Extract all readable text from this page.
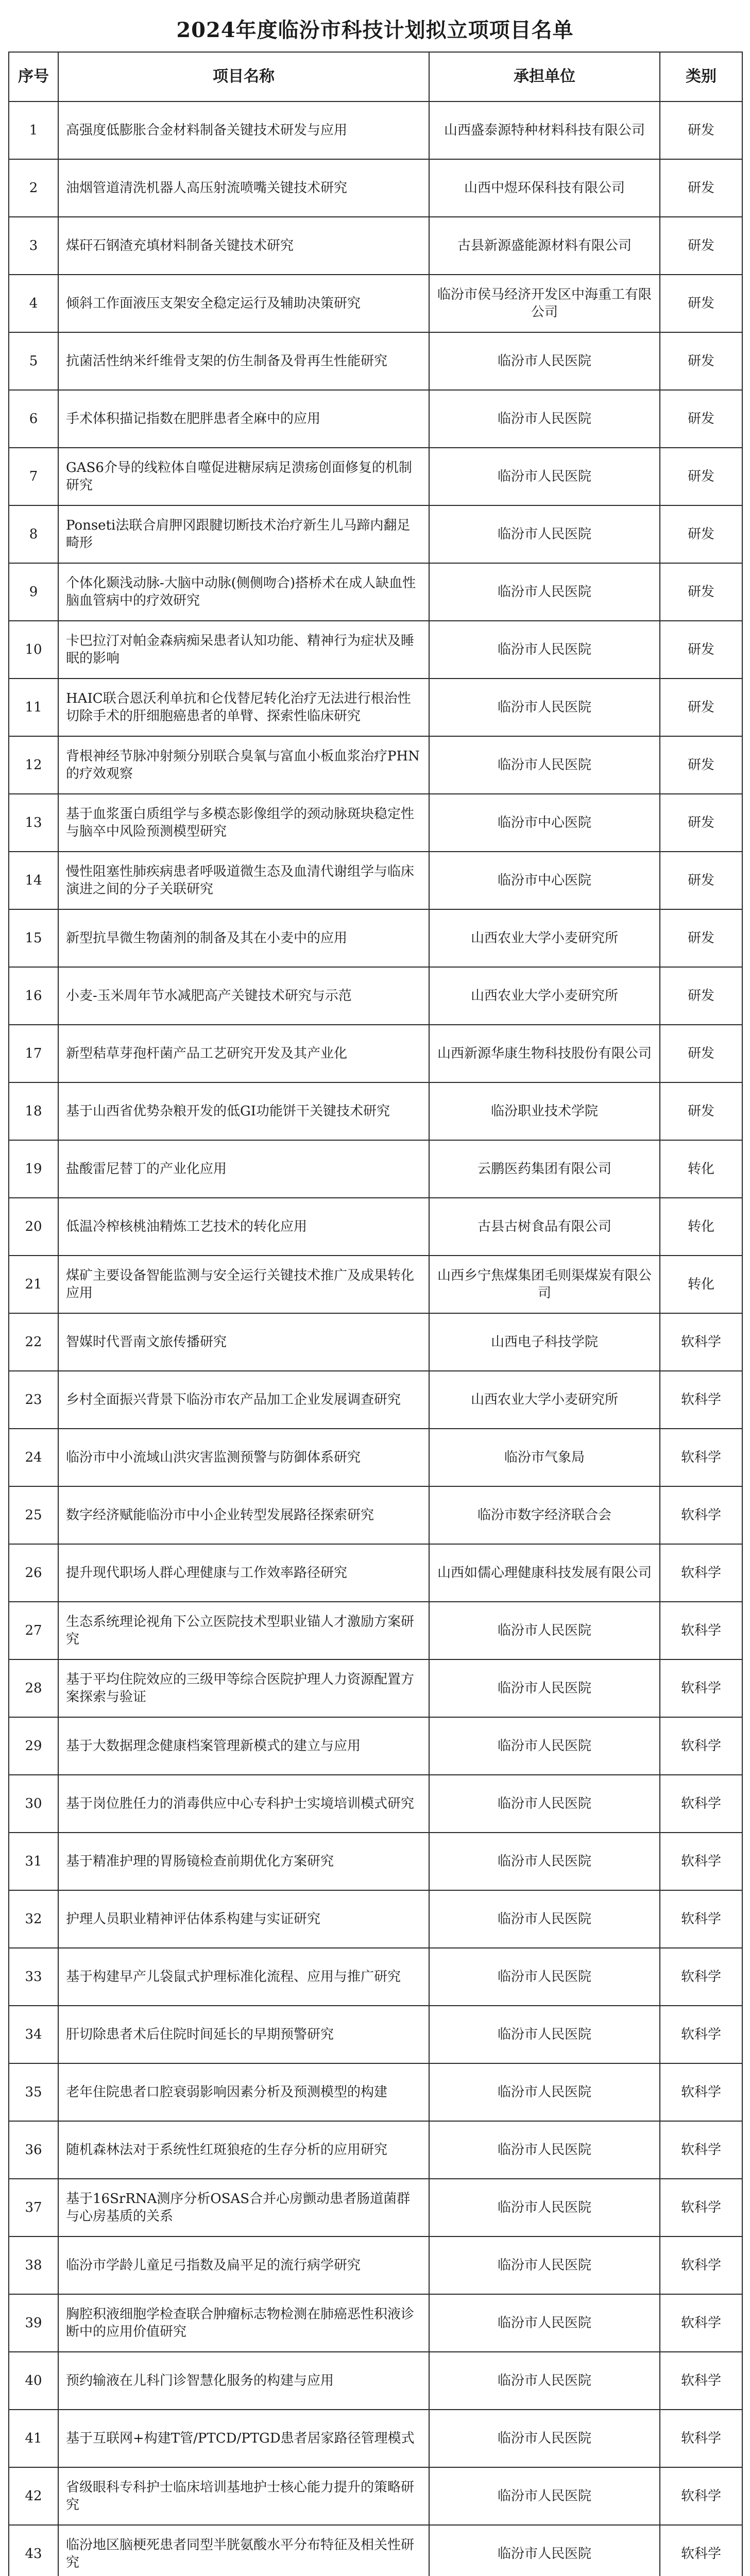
2024年度临汾市科技计划拟立项项目名单
序号	项目名称	承担单位	类别
1	高强度低膨胀合金材料制备关键技术研发与应用	山西盛泰源特种材料科技有限公司	研发
2	油烟管道清洗机器人高压射流喷嘴关键技术研究	山西中煜环保科技有限公司	研发
3	煤矸石钢渣充填材料制备关键技术研究	古县新源盛能源材料有限公司	研发
4	倾斜工作面液压支架安全稳定运行及辅助决策研究	临汾市侯马经济开发区中海重工有限公司	研发
5	抗菌活性纳米纤维骨支架的仿生制备及骨再生性能研究	临汾市人民医院	研发
6	手术体积描记指数在肥胖患者全麻中的应用	临汾市人民医院	研发
7	GAS6介导的线粒体自噬促进糖尿病足溃疡创面修复的机制研究	临汾市人民医院	研发
8	Ponseti法联合肩胛冈跟腱切断技术治疗新生儿马蹄内翻足畸形	临汾市人民医院	研发
9	个体化颞浅动脉-大脑中动脉(侧侧吻合)搭桥术在成人缺血性脑血管病中的疗效研究	临汾市人民医院	研发
10	卡巴拉汀对帕金森病痴呆患者认知功能、精神行为症状及睡眠的影响	临汾市人民医院	研发
11	HAIC联合恩沃利单抗和仑伐替尼转化治疗无法进行根治性切除手术的肝细胞癌患者的单臂、探索性临床研究	临汾市人民医院	研发
12	背根神经节脉冲射频分别联合臭氧与富血小板血浆治疗PHN的疗效观察	临汾市人民医院	研发
13	基于血浆蛋白质组学与多模态影像组学的颈动脉斑块稳定性与脑卒中风险预测模型研究	临汾市中心医院	研发
14	慢性阻塞性肺疾病患者呼吸道微生态及血清代谢组学与临床演进之间的分子关联研究	临汾市中心医院	研发
15	新型抗旱微生物菌剂的制备及其在小麦中的应用	山西农业大学小麦研究所	研发
16	小麦-玉米周年节水减肥高产关键技术研究与示范	山西农业大学小麦研究所	研发
17	新型秸草芽孢杆菌产品工艺研究开发及其产业化	山西新源华康生物科技股份有限公司	研发
18	基于山西省优势杂粮开发的低GI功能饼干关键技术研究	临汾职业技术学院	研发
19	盐酸雷尼替丁的产业化应用	云鹏医药集团有限公司	转化
20	低温冷榨核桃油精炼工艺技术的转化应用	古县古树食品有限公司	转化
21	煤矿主要设备智能监测与安全运行关键技术推广及成果转化应用	山西乡宁焦煤集团毛则渠煤炭有限公司	转化
22	智媒时代晋南文旅传播研究	山西电子科技学院	软科学
23	乡村全面振兴背景下临汾市农产品加工企业发展调查研究	山西农业大学小麦研究所	软科学
24	临汾市中小流域山洪灾害监测预警与防御体系研究	临汾市气象局	软科学
25	数字经济赋能临汾市中小企业转型发展路径探索研究	临汾市数字经济联合会	软科学
26	提升现代职场人群心理健康与工作效率路径研究	山西如儒心理健康科技发展有限公司	软科学
27	生态系统理论视角下公立医院技术型职业锚人才激励方案研究	临汾市人民医院	软科学
28	基于平均住院效应的三级甲等综合医院护理人力资源配置方案探索与验证	临汾市人民医院	软科学
29	基于大数据理念健康档案管理新模式的建立与应用	临汾市人民医院	软科学
30	基于岗位胜任力的消毒供应中心专科护士实境培训模式研究	临汾市人民医院	软科学
31	基于精准护理的胃肠镜检查前期优化方案研究	临汾市人民医院	软科学
32	护理人员职业精神评估体系构建与实证研究	临汾市人民医院	软科学
33	基于构建早产儿袋鼠式护理标准化流程、应用与推广研究	临汾市人民医院	软科学
34	肝切除患者术后住院时间延长的早期预警研究	临汾市人民医院	软科学
35	老年住院患者口腔衰弱影响因素分析及预测模型的构建	临汾市人民医院	软科学
36	随机森林法对于系统性红斑狼疮的生存分析的应用研究	临汾市人民医院	软科学
37	基于16SrRNA测序分析OSAS合并心房颤动患者肠道菌群与心房基质的关系	临汾市人民医院	软科学
38	临汾市学龄儿童足弓指数及扁平足的流行病学研究	临汾市人民医院	软科学
39	胸腔积液细胞学检查联合肿瘤标志物检测在肺癌恶性积液诊断中的应用价值研究	临汾市人民医院	软科学
40	预约输液在儿科门诊智慧化服务的构建与应用	临汾市人民医院	软科学
41	基于互联网+构建T管/PTCD/PTGD患者居家路径管理模式	临汾市人民医院	软科学
42	省级眼科专科护士临床培训基地护士核心能力提升的策略研究	临汾市人民医院	软科学
43	临汾地区脑梗死患者同型半胱氨酸水平分布特征及相关性研究	临汾市人民医院	软科学
